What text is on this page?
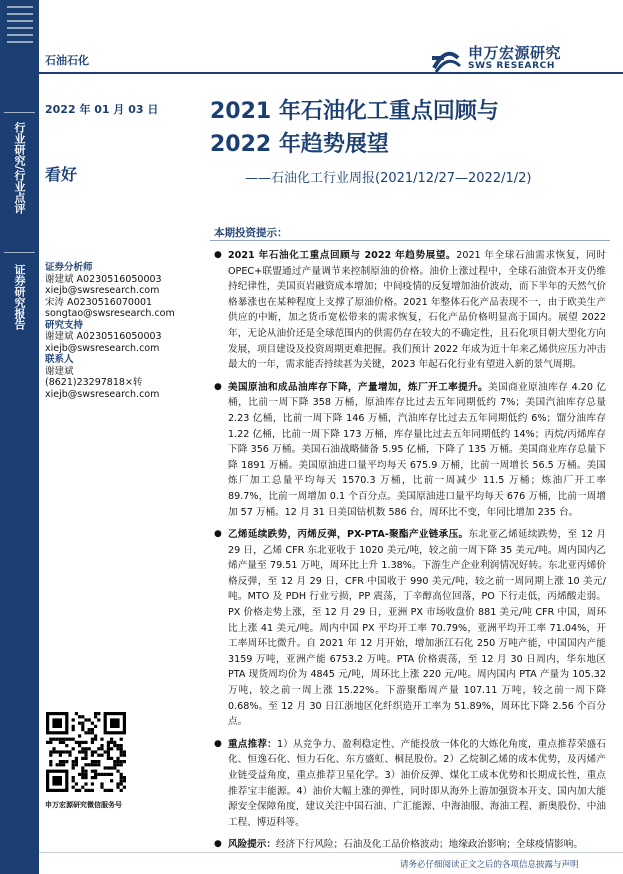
行业研究/行业点评
证券研究报告
石油石化	申万宏源研究
SWS RESEARCH
2022 年 01 月 03 日
看好
2021 年石油化工重点回顾与
2022 年趋势展望
——石油化工行业周报(2021/12/27—2022/1/2)
证券分析师
谢建斌 A0230516050003
xiejb@swsresearch.com
宋涛 A0230516070001
songtao@swsresearch.com
研究支持
谢建斌 A0230516050003
xiejb@swsresearch.com
联系人
谢建斌
(8621)23297818×转
xiejb@swsresearch.com
申万宏源研究微信服务号
本期投资提示：
● 2021 年石油化工重点回顾与 2022 年趋势展望。2021 年全球石油需求恢复，同时OPEC+联盟通过产量调节来控制原油的价格。油价上涨过程中，全球石油资本开支仍维持纪律性，美国页岩融资成本增加；中间疫情的反复增加油价波动，而下半年的天然气价格暴涨也在某种程度上支撑了原油价格。2021 年整体石化产品表现不一，由于欧美生产供应的中断，加之货币宽松带来的需求恢复，石化产品价格明显高于国内。展望 2022 年，无论从油价还是全球范围内的供需仍存在较大的不确定性，且石化项目朝大型化方向发展，项目建设及投资周期更难把握。我们预计 2022 年成为近十年来乙烯供应压力冲击最大的一年，需求能否持续甚为关键，2023 年起石化行业有望进入新的景气周期。
● 美国原油和成品油库存下降，产量增加，炼厂开工率提升。美国商业原油库存 4.20 亿桶，比前一周下降 358 万桶，原油库存比过去五年同期低约 7%；美国汽油库存总量 2.23 亿桶，比前一周下降 146 万桶，汽油库存比过去五年同期低约 6%；馏分油库存 1.22 亿桶，比前一周下降 173 万桶，库存量比过去五年同期低约 14%；丙烷/丙烯库存下降 356 万桶。美国石油战略储备 5.95 亿桶，下降了 135 万桶。美国商业库存总量下降 1891 万桶。美国原油进口量平均每天 675.9 万桶，比前一周增长 56.5 万桶。美国炼厂加工总量平均每天 1570.3 万桶，比前一周减少 11.5 万桶；炼油厂开工率 89.7%，比前一周增加 0.1 个百分点。美国原油进口量平均每天 676 万桶，比前一周增加 57 万桶。12 月 31 日美国钻机数 586 台，周环比不变，年同比增加 235 台。
● 乙烯延续跌势，丙烯反弹，PX-PTA-聚酯产业链承压。东北亚乙烯延续跌势，至 12 月 29 日，乙烯 CFR 东北亚收于 1020 美元/吨，较之前一周下降 35 美元/吨。周内国内乙烯产量至 79.51 万吨，周环比上升 1.38%。下游生产企业利润情况好转。东北亚丙烯价格反弹，至 12 月 29 日，CFR 中国收于 990 美元/吨，较之前一周同期上涨 10 美元/吨。MTO 及 PDH 行业亏损，PP 震荡，丁辛醇高位回落，PO 下行走低，丙烯酸走弱。PX 价格走势上涨，至 12 月 29 日，亚洲 PX 市场收盘价 881 美元/吨 CFR 中国，周环比上涨 41 美元/吨。周内中国 PX 平均开工率 70.79%，亚洲平均开工率 71.04%，开工率周环比微升。自 2021 年 12 月开始，增加浙江石化 250 万吨产能，中国国内产能 3159 万吨，亚洲产能 6753.2 万吨。PTA 价格震荡，至 12 月 30 日周内，华东地区 PTA 现货周均价为 4845 元/吨，周环比上涨 220 元/吨。周内国内 PTA 产量为 105.32 万吨，较之前一周上涨 15.22%。下游聚酯周产量 107.11 万吨，较之前一周下降 0.68%。至 12 月 30 日江浙地区化纤织造开工率为 51.89%，周环比下降 2.56 个百分点。
● 重点推荐：1）从竞争力、盈利稳定性、产能投放一体化的大炼化角度，重点推荐荣盛石化、恒逸石化、恒力石化、东方盛虹、桐昆股份。2）乙烷制乙烯的成本优势，及丙烯产业链受益角度，重点推荐卫星化学。3）油价反弹、煤化工成本优势和长期成长性，重点推荐宝丰能源。4）油价大幅上涨的弹性，同时即从海外上游加强资本开支、国内加大能源安全保障角度，建议关注中国石油、广汇能源、中海油服、海油工程、新奥股份、中油工程、博迈科等。
● 风险提示：经济下行风险；石油及化工品价格波动；地缘政治影响；全球疫情影响。
请务必仔细阅读正文之后的各项信息披露与声明
